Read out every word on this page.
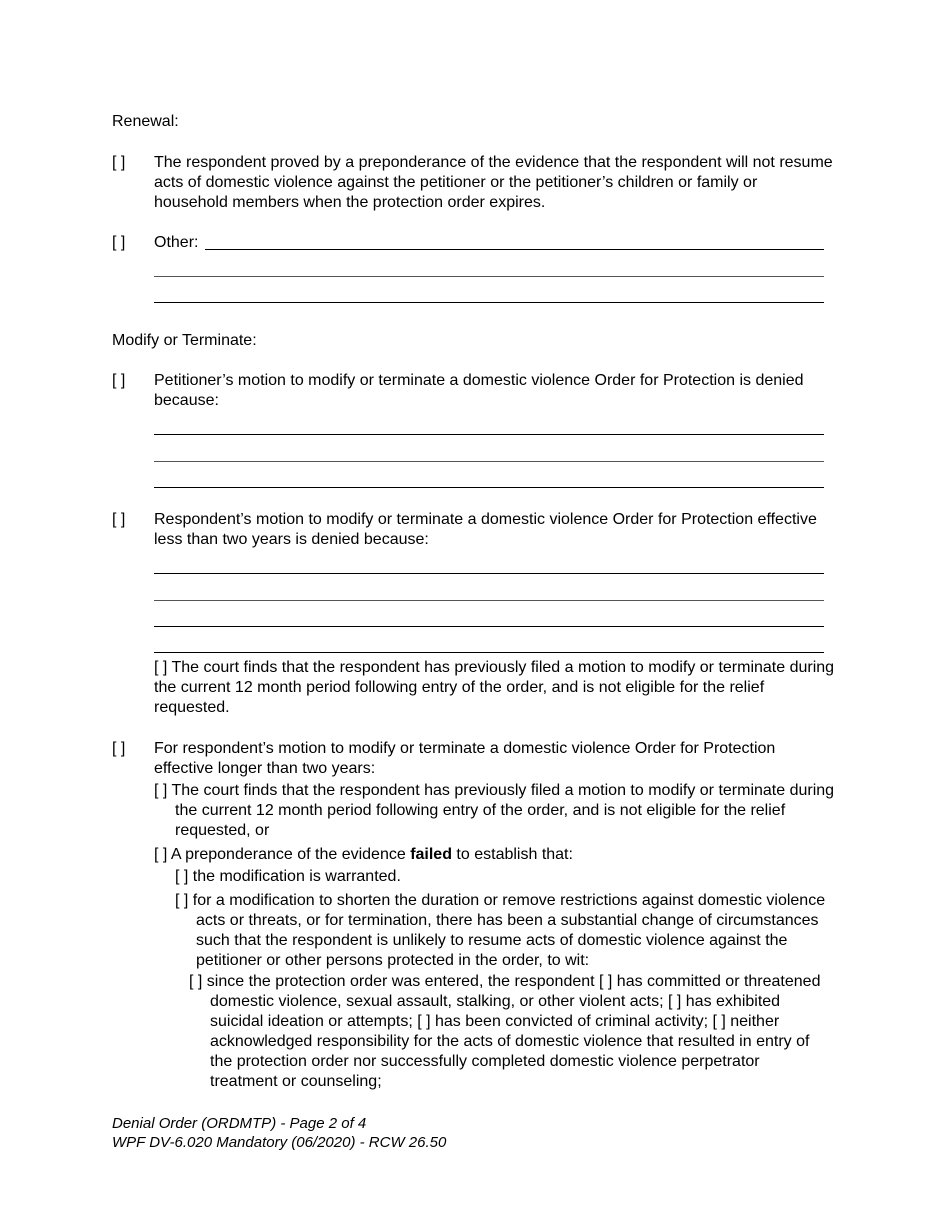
Renewal:
[ ] The respondent proved by a preponderance of the evidence that the respondent will not resume acts of domestic violence against the petitioner or the petitioner’s children or family or household members when the protection order expires.
[ ] Other:
Modify or Terminate:
[ ] Petitioner’s motion to modify or terminate a domestic violence Order for Protection is denied because:
[ ] Respondent’s motion to modify or terminate a domestic violence Order for Protection effective less than two years is denied because:
[ ] The court finds that the respondent has previously filed a motion to modify or terminate during the current 12 month period following entry of the order, and is not eligible for the relief requested.
[ ] For respondent’s motion to modify or terminate a domestic violence Order for Protection effective longer than two years:
[ ] The court finds that the respondent has previously filed a motion to modify or terminate during the current 12 month period following entry of the order, and is not eligible for the relief requested, or
[ ] A preponderance of the evidence failed to establish that:
[ ] the modification is warranted.
[ ] for a modification to shorten the duration or remove restrictions against domestic violence acts or threats, or for termination, there has been a substantial change of circumstances such that the respondent is unlikely to resume acts of domestic violence against the petitioner or other persons protected in the order, to wit:
[ ] since the protection order was entered, the respondent [ ] has committed or threatened domestic violence, sexual assault, stalking, or other violent acts; [ ] has exhibited suicidal ideation or attempts; [ ] has been convicted of criminal activity; [ ] neither acknowledged responsibility for the acts of domestic violence that resulted in entry of the protection order nor successfully completed domestic violence perpetrator treatment or counseling;
Denial Order (ORDMTP) - Page 2 of 4
WPF DV-6.020 Mandatory (06/2020) - RCW 26.50
